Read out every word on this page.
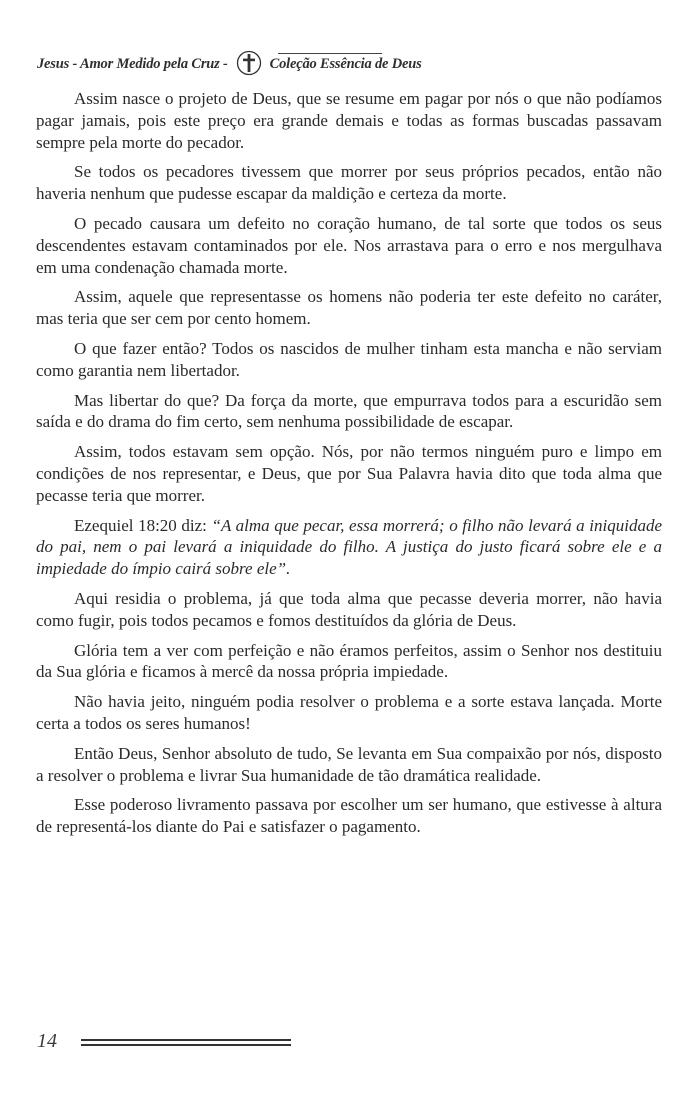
Jesus - Amor Medido pela Cruz -	Coleção Essência de Deus

Assim nasce o projeto de Deus, que se resume em pagar por nós o que não podíamos pagar jamais, pois este preço era grande demais e todas as formas buscadas passavam sempre pela morte do pecador.

Se todos os pecadores tivessem que morrer por seus próprios pecados, então não haveria nenhum que pudesse escapar da maldição e certeza da morte.

O pecado causara um defeito no coração humano, de tal sorte que todos os seus descendentes estavam contaminados por ele. Nos arrastava para o erro e nos mergulhava em uma condenação chamada morte.

Assim, aquele que representasse os homens não poderia ter este defeito no caráter, mas teria que ser cem por cento homem.

O que fazer então? Todos os nascidos de mulher tinham esta mancha e não serviam como garantia nem libertador.

Mas libertar do que? Da força da morte, que empurrava todos para a escuridão sem saída e do drama do fim certo, sem nenhuma possibilidade de escapar.

Assim, todos estavam sem opção. Nós, por não termos ninguém puro e limpo em condições de nos representar, e Deus, que por Sua Palavra havia dito que toda alma que pecasse teria que morrer.

Ezequiel 18:20 diz: “A alma que pecar, essa morrerá; o filho não levará a iniquidade do pai, nem o pai levará a iniquidade do filho. A justiça do justo ficará sobre ele e a impiedade do ímpio cairá sobre ele”.

Aqui residia o problema, já que toda alma que pecasse deveria morrer, não havia como fugir, pois todos pecamos e fomos destituídos da glória de Deus.

Glória tem a ver com perfeição e não éramos perfeitos, assim o Senhor nos destituiu da Sua glória e ficamos à mercê da nossa própria impiedade.

Não havia jeito, ninguém podia resolver o problema e a sorte estava lançada. Morte certa a todos os seres humanos!

Então Deus, Senhor absoluto de tudo, Se levanta em Sua compaixão por nós, disposto a resolver o problema e livrar Sua humanidade de tão dramática realidade.

Esse poderoso livramento passava por escolher um ser humano, que estivesse à altura de representá-los diante do Pai e satisfazer o pagamento.

14
